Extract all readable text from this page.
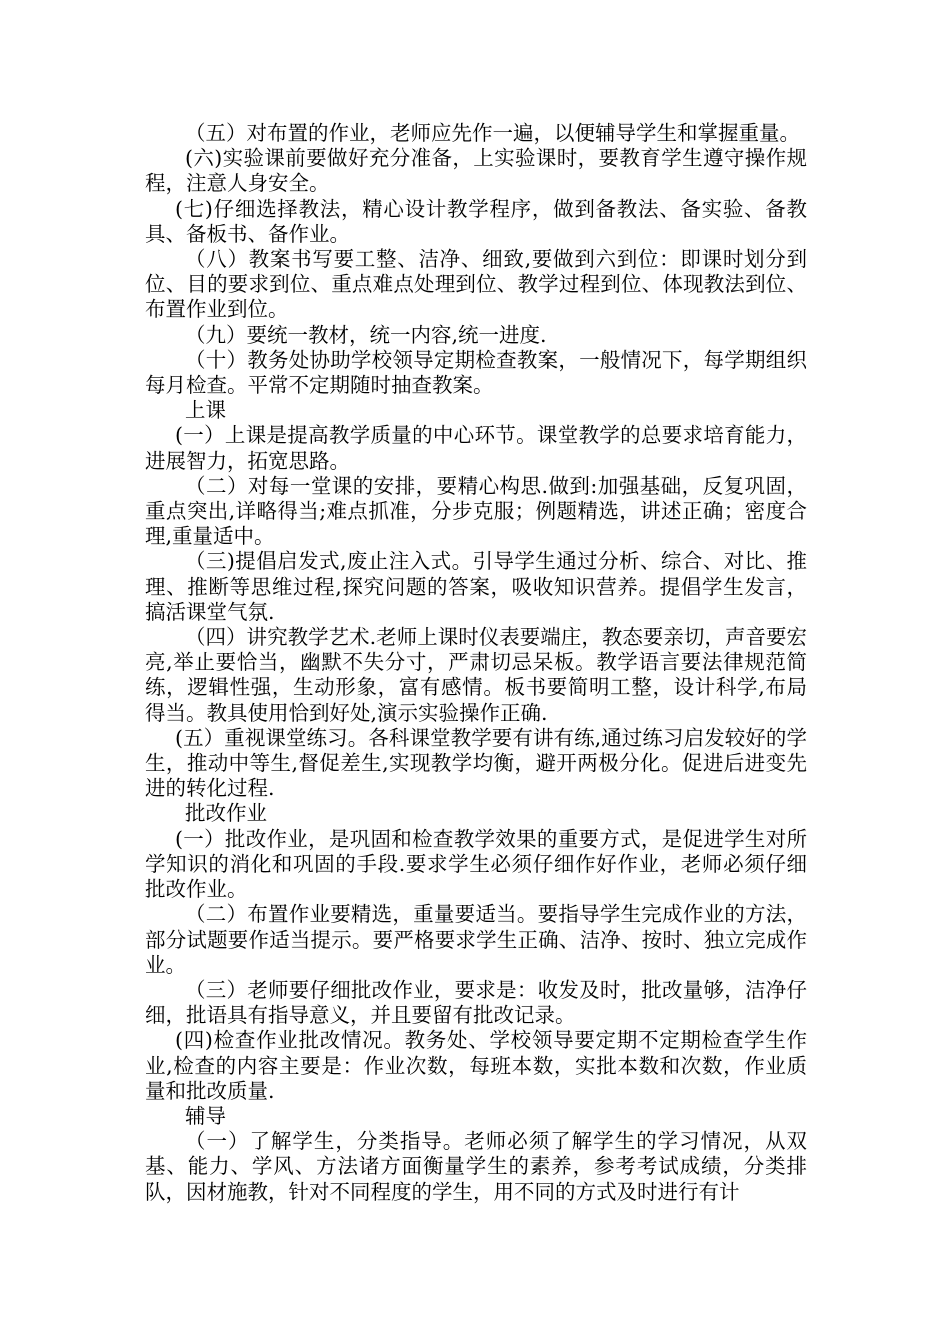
（五）对布置的作业，老师应先作一遍，以便辅导学生和掌握重量。

(六)实验课前要做好充分准备，上实验课时，要教育学生遵守操作规程，注意人身安全。

(七)仔细选择教法，精心设计教学程序，做到备教法、备实验、备教具、备板书、备作业。

（八）教案书写要工整、洁净、细致,要做到六到位：即课时划分到位、目的要求到位、重点难点处理到位、教学过程到位、体现教法到位、布置作业到位。

（九）要统一教材，统一内容,统一进度.

（十）教务处协助学校领导定期检查教案，一般情况下，每学期组织每月检查。平常不定期随时抽查教案。

上课

(一）上课是提高教学质量的中心环节。课堂教学的总要求培育能力，进展智力，拓宽思路。

（二）对每一堂课的安排，要精心构思.做到:加强基础，反复巩固，重点突出,详略得当;难点抓准，分步克服；例题精选，讲述正确；密度合理,重量适中。

（三)提倡启发式,废止注入式。引导学生通过分析、综合、对比、推理、推断等思维过程,探究问题的答案，吸收知识营养。提倡学生发言，搞活课堂气氛.

（四）讲究教学艺术.老师上课时仪表要端庄，教态要亲切，声音要宏亮,举止要恰当，幽默不失分寸，严肃切忌呆板。教学语言要法律规范简练，逻辑性强，生动形象，富有感情。板书要简明工整，设计科学,布局得当。教具使用恰到好处,演示实验操作正确.

(五）重视课堂练习。各科课堂教学要有讲有练,通过练习启发较好的学生，推动中等生,督促差生,实现教学均衡，避开两极分化。促进后进变先进的转化过程.

批改作业

(一）批改作业，是巩固和检查教学效果的重要方式，是促进学生对所学知识的消化和巩固的手段.要求学生必须仔细作好作业，老师必须仔细批改作业。

（二）布置作业要精选，重量要适当。要指导学生完成作业的方法，部分试题要作适当提示。要严格要求学生正确、洁净、按时、独立完成作业。

（三）老师要仔细批改作业，要求是：收发及时，批改量够，洁净仔细，批语具有指导意义，并且要留有批改记录。

(四)检查作业批改情况。教务处、学校领导要定期不定期检查学生作业,检查的内容主要是：作业次数，每班本数，实批本数和次数，作业质量和批改质量.

辅导

（一）了解学生，分类指导。老师必须了解学生的学习情况，从双基、能力、学风、方法诸方面衡量学生的素养，参考考试成绩，分类排队，因材施教，针对不同程度的学生，用不同的方式及时进行有计
